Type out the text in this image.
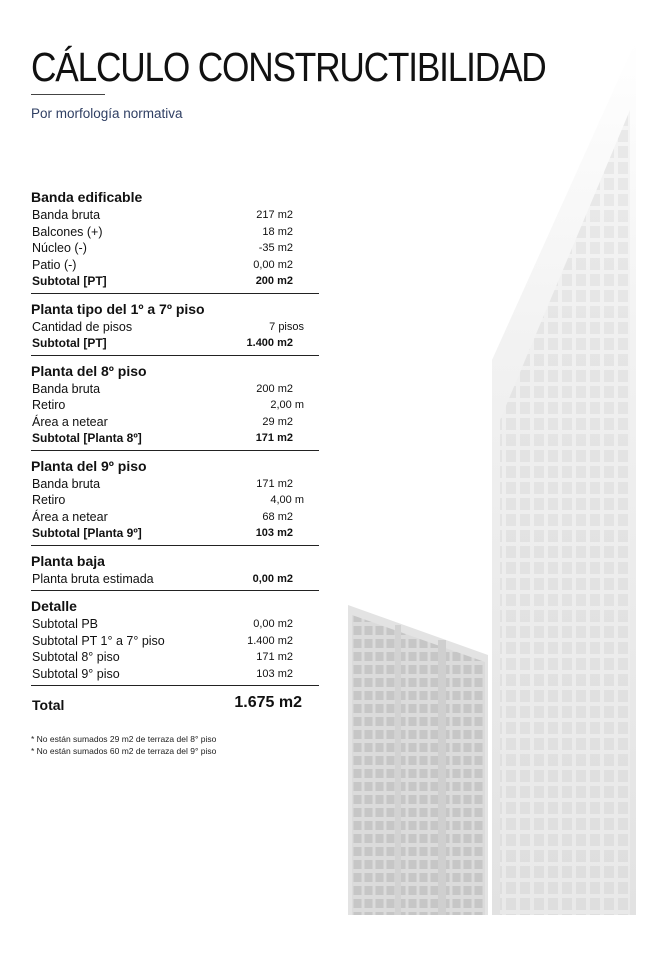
CÁLCULO CONSTRUCTIBILIDAD
Por morfología normativa
Banda edificable
Banda bruta	217 m2
Balcones (+)	18 m2
Núcleo (-)	-35 m2
Patio (-)	0,00 m2
Subtotal [PT]	200 m2
Planta tipo del 1º a 7º piso
Cantidad de pisos	7 pisos
Subtotal [PT]	1.400 m2
Planta del 8º piso
Banda bruta	200 m2
Retiro	2,00 m
Área a netear	29 m2
Subtotal [Planta 8º]	171 m2
Planta del 9º piso
Banda bruta	171 m2
Retiro	4,00 m
Área a netear	68 m2
Subtotal [Planta 9º]	103 m2
Planta baja
Planta bruta estimada	0,00 m2
Detalle
Subtotal PB	0,00 m2
Subtotal PT 1° a 7° piso	1.400 m2
Subtotal 8° piso	171 m2
Subtotal 9° piso	103 m2
Total	1.675 m2
* No están sumados 29 m2 de terraza del 8° piso
* No están sumados 60 m2 de terraza del 9° piso
